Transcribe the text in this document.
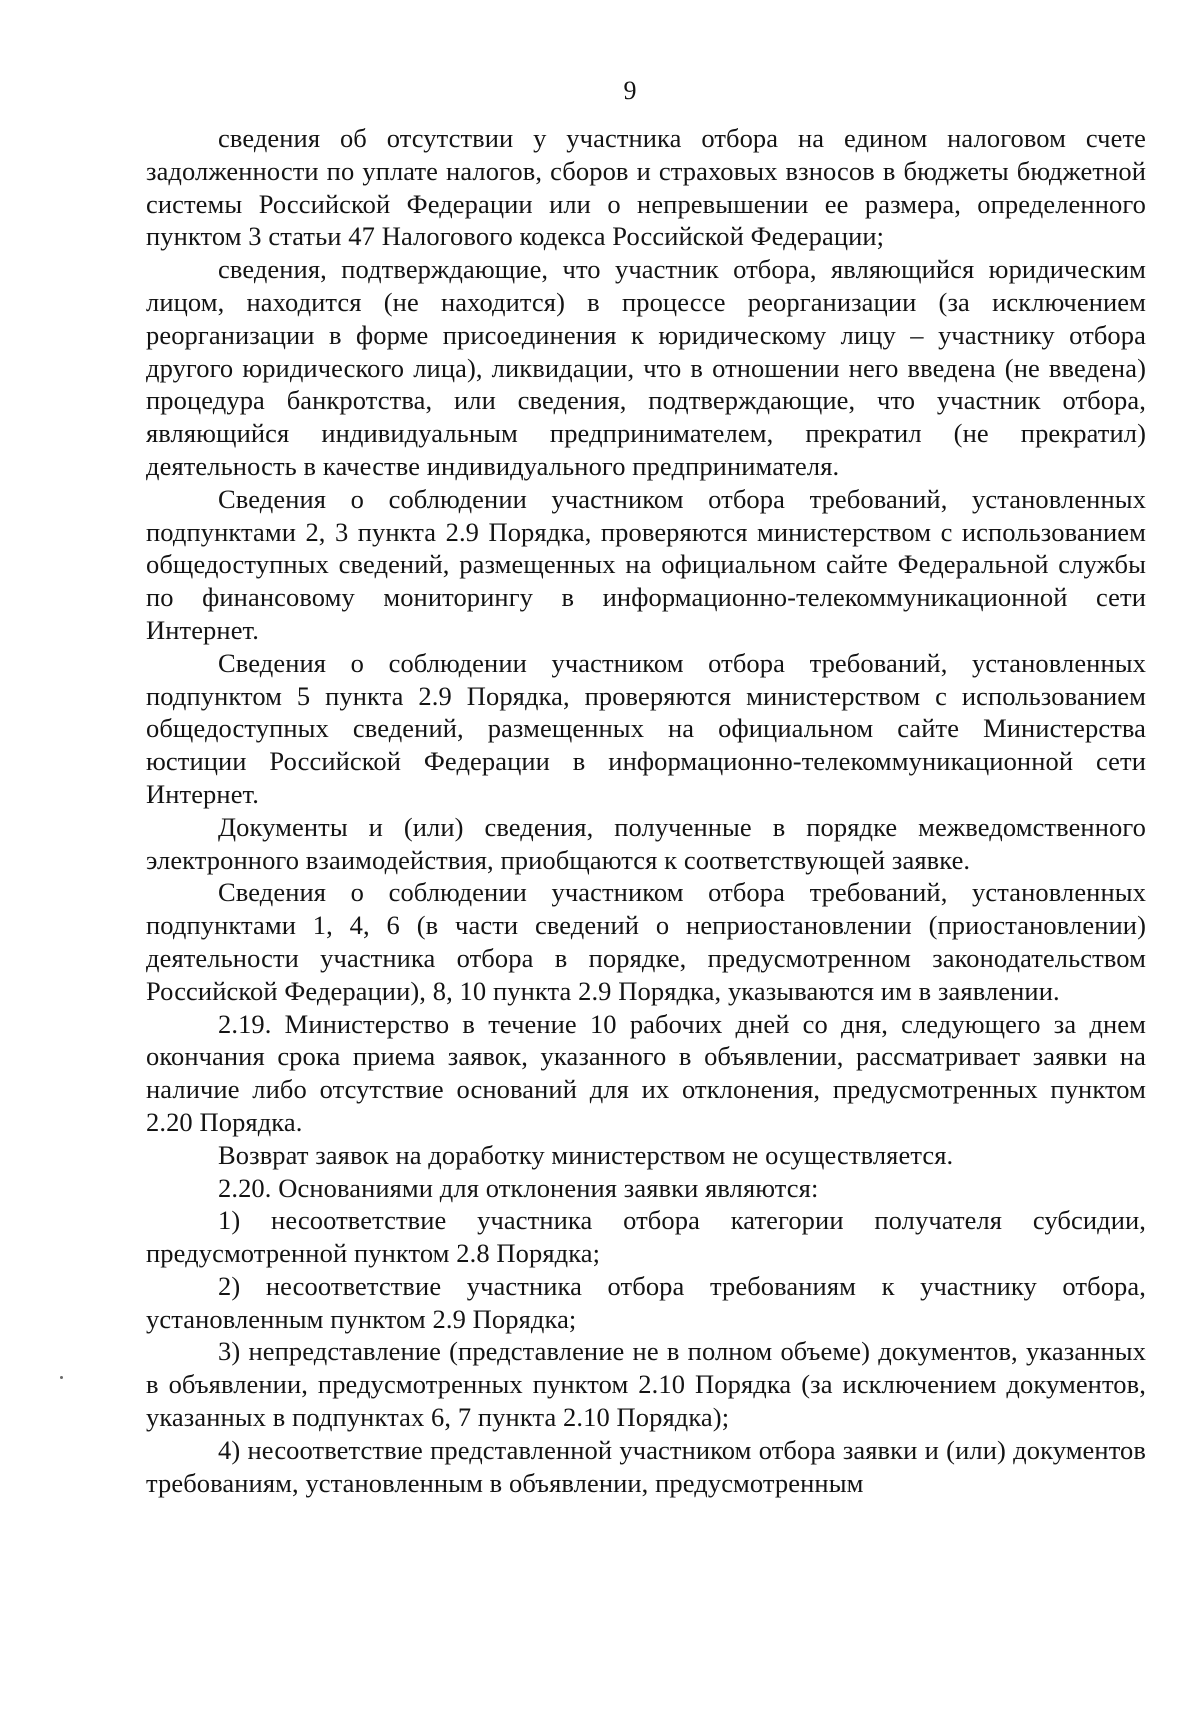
9

сведения об отсутствии у участника отбора на едином налоговом счете задолженности по уплате налогов, сборов и страховых взносов в бюджеты бюджетной системы Российской Федерации или о непревышении ее размера, определенного пунктом 3 статьи 47 Налогового кодекса Российской Федерации;

сведения, подтверждающие, что участник отбора, являющийся юридическим лицом, находится (не находится) в процессе реорганизации (за исключением реорганизации в форме присоединения к юридическому лицу – участнику отбора другого юридического лица), ликвидации, что в отношении него введена (не введена) процедура банкротства, или сведения, подтверждающие, что участник отбора, являющийся индивидуальным предпринимателем, прекратил (не прекратил) деятельность в качестве индивидуального предпринимателя.

Сведения о соблюдении участником отбора требований, установленных подпунктами 2, 3 пункта 2.9 Порядка, проверяются министерством с использованием общедоступных сведений, размещенных на официальном сайте Федеральной службы по финансовому мониторингу в информационно-телекоммуникационной сети Интернет.

Сведения о соблюдении участником отбора требований, установленных подпунктом 5 пункта 2.9 Порядка, проверяются министерством с использованием общедоступных сведений, размещенных на официальном сайте Министерства юстиции Российской Федерации в информационно-телекоммуникационной сети Интернет.

Документы и (или) сведения, полученные в порядке межведомственного электронного взаимодействия, приобщаются к соответствующей заявке.

Сведения о соблюдении участником отбора требований, установленных подпунктами 1, 4, 6 (в части сведений о неприостановлении (приостановлении) деятельности участника отбора в порядке, предусмотренном законодательством Российской Федерации), 8, 10 пункта 2.9 Порядка, указываются им в заявлении.

2.19. Министерство в течение 10 рабочих дней со дня, следующего за днем окончания срока приема заявок, указанного в объявлении, рассматривает заявки на наличие либо отсутствие оснований для их отклонения, предусмотренных пунктом 2.20 Порядка.

Возврат заявок на доработку министерством не осуществляется.

2.20. Основаниями для отклонения заявки являются:

1) несоответствие участника отбора категории получателя субсидии, предусмотренной пунктом 2.8 Порядка;

2) несоответствие участника отбора требованиям к участнику отбора, установленным пунктом 2.9 Порядка;

3) непредставление (представление не в полном объеме) документов, указанных в объявлении, предусмотренных пунктом 2.10 Порядка (за исключением документов, указанных в подпунктах 6, 7 пункта 2.10 Порядка);

4) несоответствие представленной участником отбора заявки и (или) документов требованиям, установленным в объявлении, предусмотренным
